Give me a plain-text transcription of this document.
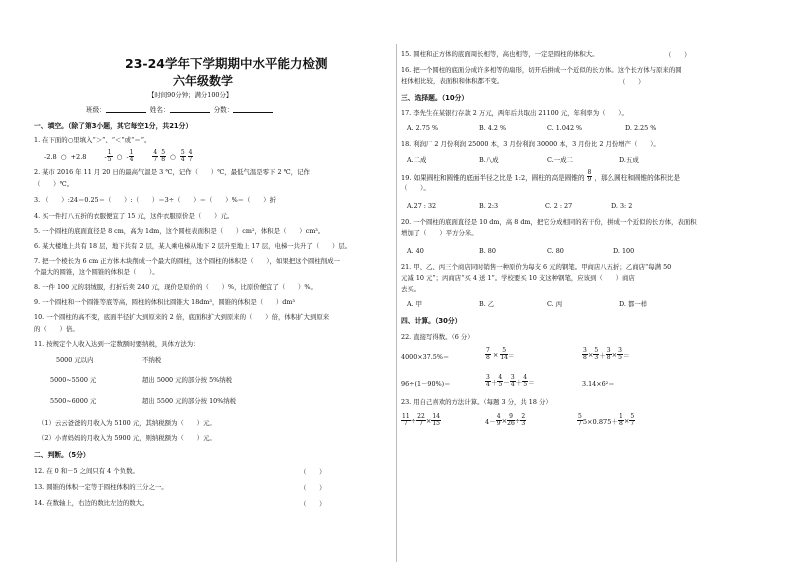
23-24学年下学期期中水平能力检测
六年级数学
【时间90分钟；满分100分】
班级：	姓名：	分数：
一、填空。（除了第3小题，其它每空1分，共21分）
1. 在下面的○里填入“＞”、“＜”或“＝”。
-2.8 ○ +2.8	- $\frac{1}{5}$ ○ - $\frac{1}{4}$	$\frac{4}{7} \frac{5}{8}$ ○ $\frac{5}{4} \frac{4}{7}$
2. 某市 2016 年 11 月 20 日的最高气温是 3 ℃，记作（　　）℃，最低气温是零下 2 ℃，记作
（　　）℃。
3. （　　）:24＝0.25＝（　　）:（　　）＝3÷（　　）＝（　　）%＝（　　）折
4. 买一件打八五折的衣服便宜了 15 元，这件衣服原价是（　　）元。
5. 一个圆柱的底面直径是 8 cm，高为 1dm，这个圆柱表面积是（　　）cm²，体积是（　　）cm³。
6. 某大楼地上共有 18 层，地下共有 2 层，某人乘电梯从地下 2 层升至地上 17 层，电梯一共升了（　　）层。
7. 把一个棱长为 6 cm 正方体木块削成一个最大的圆柱，这个圆柱的体积是（　　），如果把这个圆柱削成一
个最大的圆锥，这个圆锥的体积是（　　）。
8. 一件 100 元的羽绒服，打折后卖 240 元，现价是原价的（　　）%，比原价便宜了（　　）%。
9. 一个圆柱和一个圆锥等底等高，圆柱的体积比圆锥大 18dm³，圆锥的体积是（　　）dm³
10. 一个圆柱的高不变，底面半径扩大到原来的 2 倍，底面积扩大到原来的（　　）倍，体积扩大到原来
的（　　）倍。
11. 按规定个人收入达到一定数额时要纳税，具体方法为：
5000 元以内	不纳税
5000~5500 元	超出 5000 元的部分按 5%纳税
5500~6000 元	超出 5500 元的部分按 10%纳税
（1）云云爸爸的月收入为 5100 元，其纳税额为（　　）元。
（2）小青妈妈的月收入为 5900 元，则纳税额为（　　）元。
二、判断。（5分）
12. 在 0 和－5 之间只有 4 个负数。	（　　）
13. 圆锥的体积一定等于圆柱体积的三分之一。	（　　）
14. 在数轴上，右边的数比左边的数大。	（　　）
15. 圆柱和正方体的底面周长相等，高也相等，一定是圆柱的体积大。	（　　）
16. 把一个圆柱的底面分成许多相等的扇形，切开后拼成一个近似的长方体。这个长方体与原来的圆
柱体相比较，表面积和体积都不变。	（　　）
三、选择题。（10分）
17. 李先生在某银行存款 2 万元，两年后共取出 21100 元，年利率为（　　）。
A. 2.75 %	B. 4.2 %	C. 1.042 %	D. 2.25 %
18. 利润厂 2 月份利润 25000 本，3 月份利润 30000 本，3 月份比 2 月份增产（　　）。
A.二成	B.八成	C.一成二	D.五成
19. 如果圆柱和圆锥的底面半径之比是 1:2，圆柱的高是圆锥的 $\frac{8}{9}$ ，那么圆柱和圆锥的体积比是
（　　）。
A.27 : 32	B. 2:3	C. 2 : 27	D. 3: 2
20. 一个圆柱的底面直径是 10 dm，高 8 dm，把它分成相同的若干份，拼成一个近似的长方体，表面积
增加了（　　）平方分米。
A. 40	B. 80	C. 80	D. 100
21. 甲、乙、丙三个商店同时销售一种原价为每支 6 元的钢笔。甲商店八五折；乙商店“每满 50
元减 10 元”；丙商店“买 4 送 1”。学校要买 10 支这种钢笔，应该到（　　）商店
去买。
A. 甲	B. 乙	C. 丙	D. 都一样
四、计算。（30分）
22. 直接写得数。（6 分）
4000×37.5%＝	$\frac{7}{8} \times \frac{5}{14}$ ＝	$\frac{3}{8} \times \frac{5}{3} + \frac{3}{8} \times \frac{3}{5}$ ＝
96÷(1－90%)＝	$\frac{3}{4} + \frac{4}{5} - \frac{3}{4} + \frac{4}{5}$ ＝	3.14×6²＝
23. 用自己喜欢的方法计算。（每题 3 分，共 18 分）
$\frac{11}{7} \div \frac{22}{7} \times \frac{14}{15}$	$4- \frac{4}{9} \times \frac{9}{26} \div \frac{2}{3}$	$\frac{5}{7} 5\times 0.875+ \frac{1}{8} \times \frac{5}{7}$
